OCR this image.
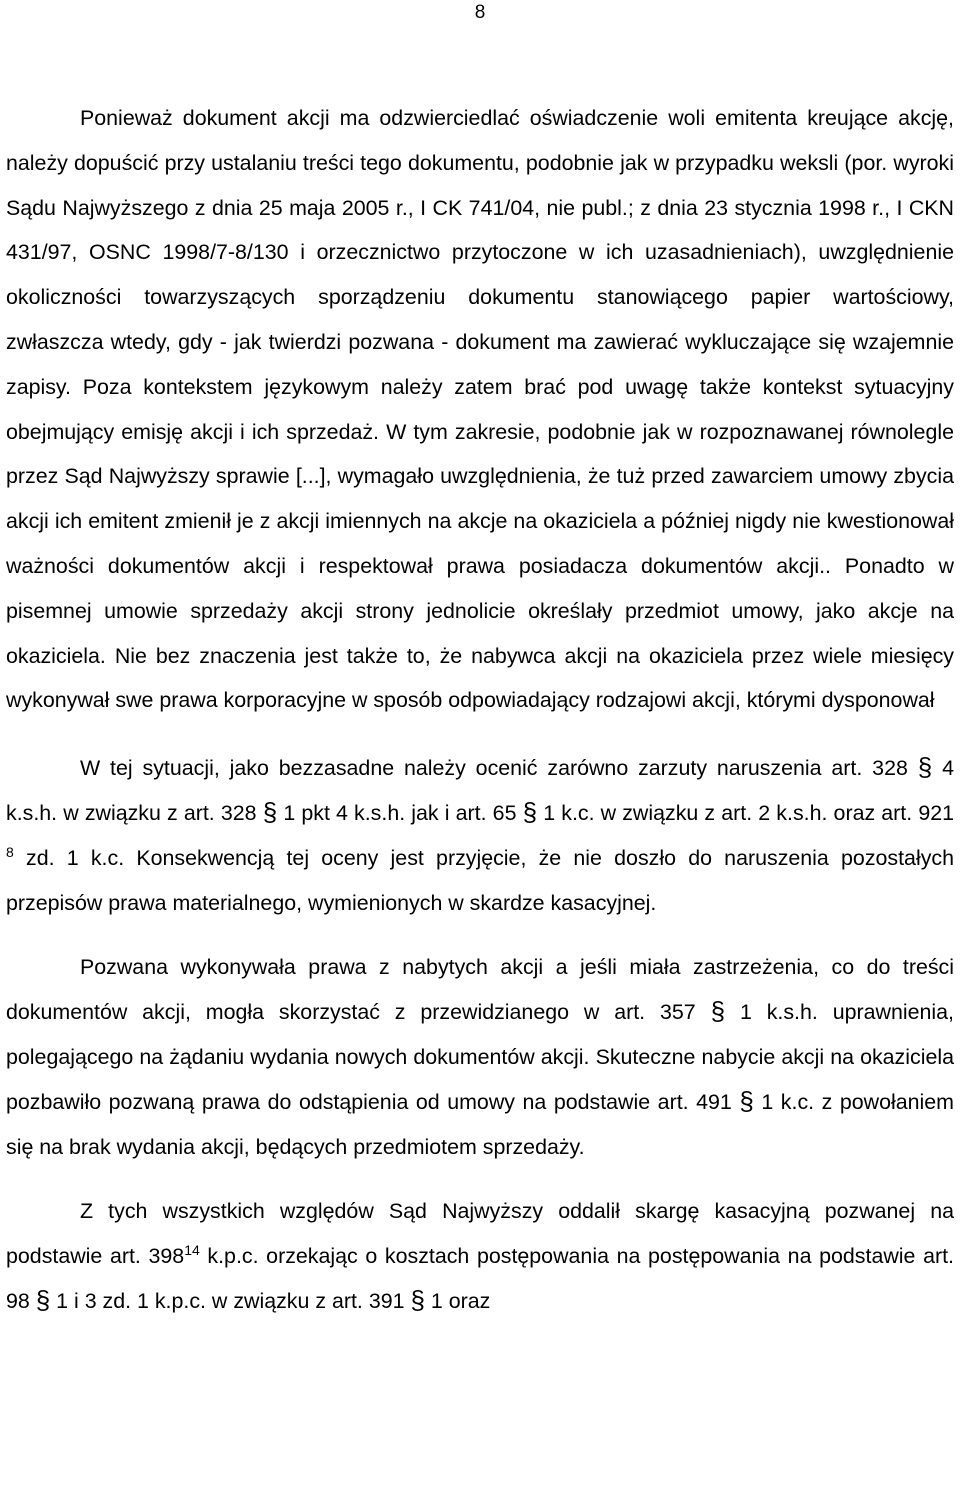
8

Ponieważ dokument akcji ma odzwierciedlać oświadczenie woli emitenta kreujące akcję, należy dopuścić przy ustalaniu treści tego dokumentu, podobnie jak w przypadku weksli (por. wyroki Sądu Najwyższego z dnia 25 maja 2005 r., I CK 741/04, nie publ.; z dnia 23 stycznia 1998 r., I CKN 431/97, OSNC 1998/7-8/130 i orzecznictwo przytoczone w ich uzasadnieniach), uwzględnienie okoliczności towarzyszących sporządzeniu dokumentu stanowiącego papier wartościowy, zwłaszcza wtedy, gdy - jak twierdzi pozwana - dokument ma zawierać wykluczające się wzajemnie zapisy. Poza kontekstem językowym należy zatem brać pod uwagę także kontekst sytuacyjny obejmujący emisję akcji i ich sprzedaż. W tym zakresie, podobnie jak w rozpoznawanej równolegle przez Sąd Najwyższy sprawie [...], wymagało uwzględnienia, że tuż przed zawarciem umowy zbycia akcji ich emitent zmienił je z akcji imiennych na akcje na okaziciela a później nigdy nie kwestionował ważności dokumentów akcji i respektował prawa posiadacza dokumentów akcji.. Ponadto w pisemnej umowie sprzedaży akcji strony jednolicie określały przedmiot umowy, jako akcje na okaziciela. Nie bez znaczenia jest także to, że nabywca akcji na okaziciela przez wiele miesięcy wykonywał swe prawa korporacyjne w sposób odpowiadający rodzajowi akcji, którymi dysponował

W tej sytuacji, jako bezzasadne należy ocenić zarówno zarzuty naruszenia art. 328 § 4 k.s.h. w związku z art. 328 § 1 pkt 4 k.s.h. jak i art. 65 § 1 k.c. w związku z art. 2 k.s.h. oraz art. 921 $^8$ zd. 1 k.c. Konsekwencją tej oceny jest przyjęcie, że nie doszło do naruszenia pozostałych przepisów prawa materialnego, wymienionych w skardze kasacyjnej.

Pozwana wykonywała prawa z nabytych akcji a jeśli miała zastrzeżenia, co do treści dokumentów akcji, mogła skorzystać z przewidzianego w art. 357 § 1 k.s.h. uprawnienia, polegającego na żądaniu wydania nowych dokumentów akcji. Skuteczne nabycie akcji na okaziciela pozbawiło pozwaną prawa do odstąpienia od umowy na podstawie art. 491 § 1 k.c. z powołaniem się na brak wydania akcji, będących przedmiotem sprzedaży.

Z tych wszystkich względów Sąd Najwyższy oddalił skargę kasacyjną pozwanej na podstawie art. $398^{14}$ k.p.c. orzekając o kosztach postępowania na postępowania na podstawie art. 98 § 1 i 3 zd. 1 k.p.c. w związku z art. 391 § 1 oraz
